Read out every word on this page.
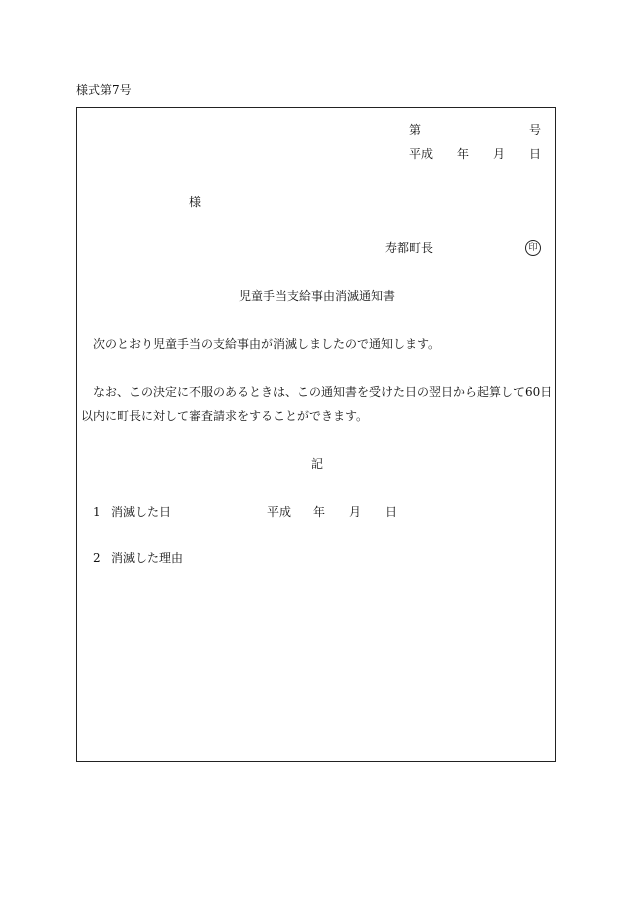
様式第7号
第	号
平成 年 月 日
様
寿都町長	印
児童手当支給事由消滅通知書
次のとおり児童手当の支給事由が消滅しましたので通知します。
なお、この決定に不服のあるときは、この通知書を受けた日の翌日から起算して60日
以内に町長に対して審査請求をすることができます。
記
1 消滅した日	平成 年 月 日
2 消滅した理由
